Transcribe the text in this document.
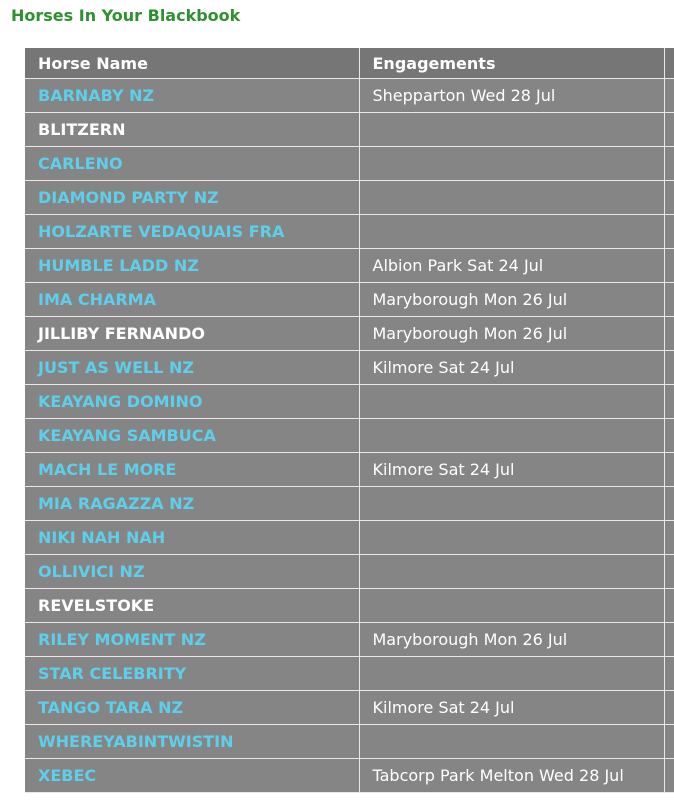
Horses In Your Blackbook
Horse Name	Engagements	
BARNABY NZ	Shepparton Wed 28 Jul	
BLITZERN		
CARLENO		
DIAMOND PARTY NZ		
HOLZARTE VEDAQUAIS FRA		
HUMBLE LADD NZ	Albion Park Sat 24 Jul	
IMA CHARMA	Maryborough Mon 26 Jul	
JILLIBY FERNANDO	Maryborough Mon 26 Jul	
JUST AS WELL NZ	Kilmore Sat 24 Jul	
KEAYANG DOMINO		
KEAYANG SAMBUCA		
MACH LE MORE	Kilmore Sat 24 Jul	
MIA RAGAZZA NZ		
NIKI NAH NAH		
OLLIVICI NZ		
REVELSTOKE		
RILEY MOMENT NZ	Maryborough Mon 26 Jul	
STAR CELEBRITY		
TANGO TARA NZ	Kilmore Sat 24 Jul	
WHEREYABINTWISTIN		
XEBEC	Tabcorp Park Melton Wed 28 Jul	
